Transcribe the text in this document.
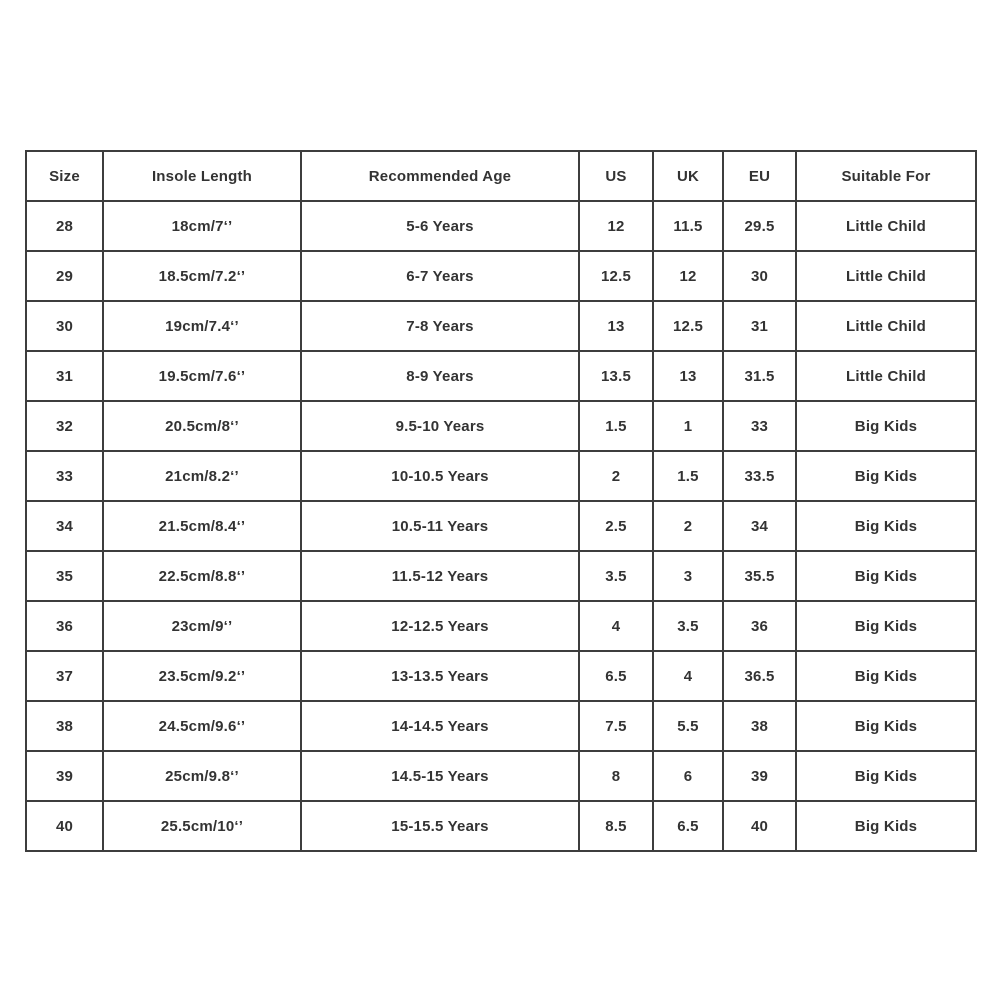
Size	Insole Length	Recommended Age	US	UK	EU	Suitable For
28	18cm/7‘’	5-6 Years	12	11.5	29.5	Little Child
29	18.5cm/7.2‘’	6-7 Years	12.5	12	30	Little Child
30	19cm/7.4‘’	7-8 Years	13	12.5	31	Little Child
31	19.5cm/7.6‘’	8-9 Years	13.5	13	31.5	Little Child
32	20.5cm/8‘’	9.5-10 Years	1.5	1	33	Big Kids
33	21cm/8.2‘’	10-10.5 Years	2	1.5	33.5	Big Kids
34	21.5cm/8.4‘’	10.5-11 Years	2.5	2	34	Big Kids
35	22.5cm/8.8‘’	11.5-12 Years	3.5	3	35.5	Big Kids
36	23cm/9‘’	12-12.5 Years	4	3.5	36	Big Kids
37	23.5cm/9.2‘’	13-13.5 Years	6.5	4	36.5	Big Kids
38	24.5cm/9.6‘’	14-14.5 Years	7.5	5.5	38	Big Kids
39	25cm/9.8‘’	14.5-15 Years	8	6	39	Big Kids
40	25.5cm/10‘’	15-15.5 Years	8.5	6.5	40	Big Kids
